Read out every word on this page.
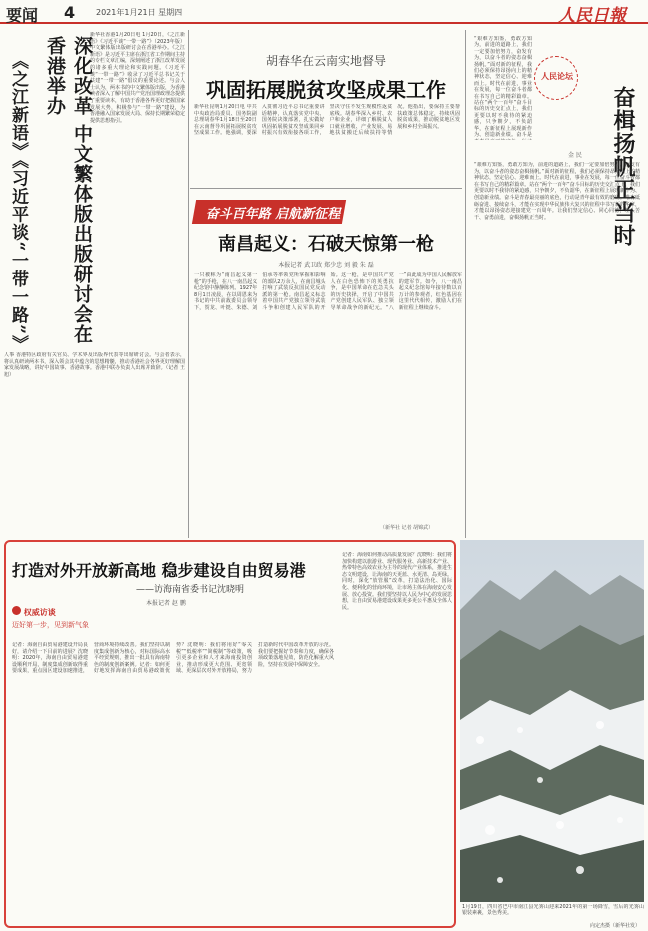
要闻 4	2021年1月21日 星期四	人民日報
《之江新语》《习近平谈“一带一路”》	深化改革 中文繁体版出版研讨会在香港举办
新华社香港1月20日电 1月20日，《之江新语》《习近平谈“一带一路”》（2023年版）中文繁体版出版研讨会在香港举办。《之江新语》是习近平主席在浙江省工作期间主持的专栏文章汇编，深刻阐述了浙江改革发展的诸多重大理论和实践问题。《习近平谈“一带一路”》收录了习近平总书记关于共建“一带一路”倡议的重要论述。与会人士认为，两本书的中文繁体版出版，为香港读者深入了解中国共产党治国理政理念提供了重要读本，有助于香港各界更好把握国家发展大势，积极参与“一带一路”建设，为香港融入国家发展大局、保持长期繁荣稳定提供思想指引。
人事 香港特区政府有关官员、学术界及出版界代表等出席研讨会。与会者表示，将认真研读两本书，深入领会其中蕴含的思想精髓，推动香港社会各界更好理解国家发展战略，讲好中国故事、香港故事。香港中联办负责人出席并致辞。（记者 王旭）
胡春华在云南实地督导
巩固拓展脱贫攻坚成果工作
新华社昆明1月20日电 中共中央政治局委员、国务院副总理胡春华1月18日至20日在云南督导巩固拓展脱贫攻坚成果工作。他强调，要深入贯彻习近平总书记重要讲话精神，认真落实党中央、国务院决策部署，扎实做好巩固拓展脱贫攻坚成果同乡村振兴有效衔接各项工作，坚决守住不发生规模性返贫底线。胡春华深入乡村、农户和企业，详细了解脱贫人口就业增收、产业发展、易地扶贫搬迁后续扶持等情况。他指出，要保持主要帮扶政策总体稳定，持续巩固脱贫成果，推动脱贫地区发展和乡村全面振兴。
“艰难方知鉴，勇敢方知为，前进的道路上，我们一定要加倍努力，奋发有为，以奋斗者的姿态奋楫扬帆。”面对新的征程，我们必须保持昂扬向上的精神状态，坚定信心、迎难而上。时代在前进，事业在发展，每一位奋斗者都在书写自己的精彩篇章。站在“两个一百年”奋斗目标的历史交汇点上，我们更要以时不我待的紧迫感，只争朝夕，不负韶华，在新征程上展现新作为、创造新业绩。奋斗是
人民论坛
奋楫扬帆正当时
金 民
“艰难方知鉴，勇敢方知为，前进的道路上，我们一定要加倍努力，奋发有为，以奋斗者的姿态奋楫扬帆。”面对新的征程，我们必须保持昂扬向上的精神状态，坚定信心、迎难而上。时代在前进，事业在发展，每一位奋斗者都在书写自己的精彩篇章。站在“两个一百年”奋斗目标的历史交汇点上，我们更要以时不我待的紧迫感，只争朝夕，不负韶华，在新征程上展现新作为、创造新业绩。奋斗是青春最亮丽的底色，行动是青年最有效的磨砺。唯有砥砺奋进、接续奋斗，才能在实现中华民族伟大复兴的征程中书写新的华章，才能以昂扬姿态迎接建党一百周年。让我们坚定信心、同心同德，埋头苦干、奋勇前进，奋楫扬帆正当时。
奋斗百年路 启航新征程
南昌起义：石破天惊第一枪
本报记者 武卫政 郑少忠 刘 毅 朱 磊
一只被称为“南昌起义第一枪”的手枪，在八一南昌起义纪念馆中静静陈列。1927年8月1日凌晨，在以周恩来为书记的中共前敌委员会领导下，贺龙、叶挺、朱德、刘伯承等率领党所掌握和影响的部队2万余人，在南昌城头打响了武装反抗国民党反动派的第一枪。南昌起义标志着中国共产党独立领导武装斗争和创建人民军队的开始。这一枪，是中国共产党人在白色恐怖下的英勇抗争，是中国革命在危急关头的历史抉择，开启了中国共产党创建人民军队、独立领导革命战争的新纪元。“八一”由此成为中国人民解放军的建军节。如今，八一南昌起义纪念馆每年接待数以百万计的参观者，红色基因在这里代代相传，激励人们在新征程上继续奋斗。
（新华社 记者 胡锦武）
打造对外开放新高地 稳步建设自由贸易港
——访海南省委书记沈晓明
本报记者 赵 鹏
权威访谈
迈好第一步，见到新气象
记者：海南自由贸易港建设开局良好，请介绍一下目前的进展？沈晓明：2020年，海南自由贸易港建设顺利开局，制度集成创新取得重要成果，重点园区建设加速推进，营商环境持续改善。我们坚持以制度集成创新为核心，对标国际高水平经贸规则，推出一批具有海南特色的制度创新案例。记者：如何更好地发挥海南自由贸易港政策优势？沈晓明：我们将用好“零关税”“低税率”“简税制”等政策，吸引更多企业和人才来海南投资创业，推动形成更大范围、更宽领域、更深层次对外开放格局，努力打造新时代中国改革开放的示范。我们要把握好节奏和力度，确保各项政策落地见效，防范化解重大风险，坚持在发展中保障安全。
记者：海南如何推动高质量发展？沈晓明：我们将加快构建以旅游业、现代服务业、高新技术产业、热带特色高效农业为主导的现代产业体系，推进生态文明建设，让海南的天更蓝、水更清、岛更绿。同时，深化“放管服”改革，打造法治化、国际化、便利化的营商环境，让市场主体在海南安心发展、放心投资。我们要坚持以人民为中心的发展思想，让自由贸易港建设成果更多更公平惠及全体人民。
1月19日，四川省巴中市南江县光雾山迎来2021年的第一场降雪，雪后的光雾山银装素裹，景色秀美。
向定杰摄（新华社发）
